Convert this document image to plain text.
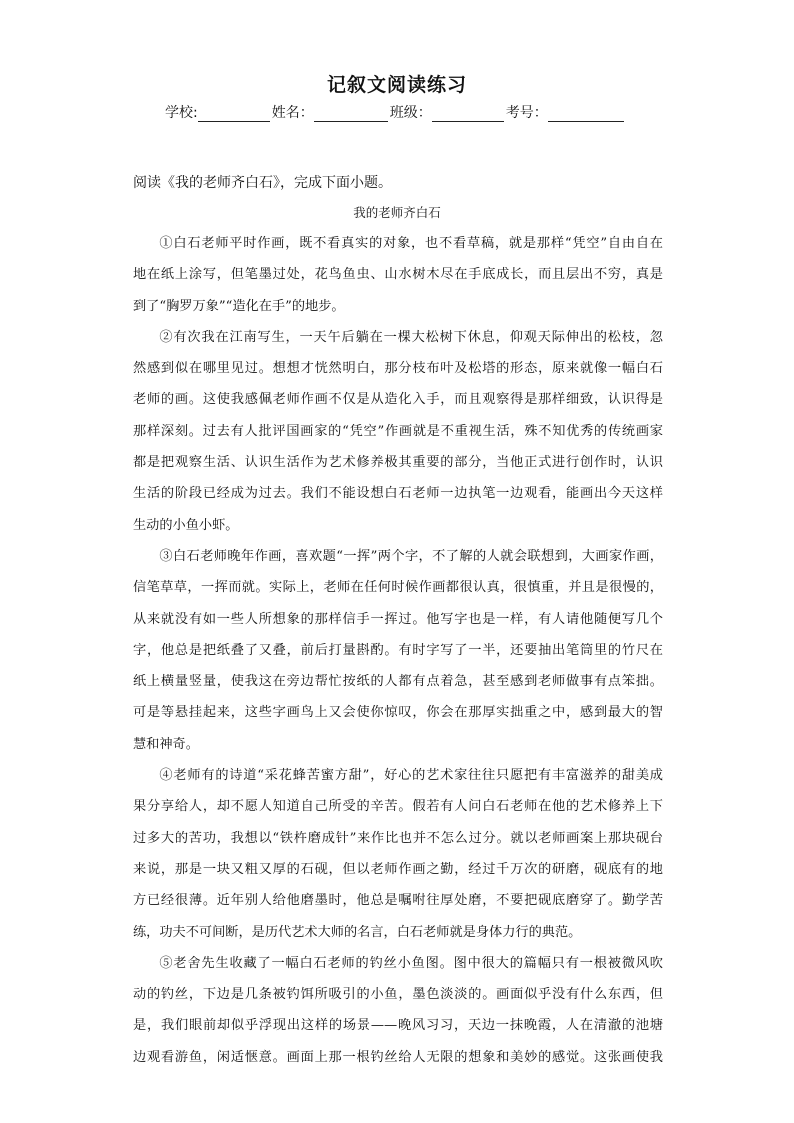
记叙文阅读练习
学校:	姓名：	班级：	考号：
阅读《我的老师齐白石》，完成下面小题。
我的老师齐白石
①白石老师平时作画，既不看真实的对象，也不看草稿，就是那样“凭空”自由自在
地在纸上涂写，但笔墨过处，花鸟鱼虫、山水树木尽在手底成长，而且层出不穷，真是
到了“胸罗万象”“造化在手”的地步。
②有次我在江南写生，一天午后躺在一棵大松树下休息，仰观天际伸出的松枝，忽
然感到似在哪里见过。想想才恍然明白，那分枝布叶及松塔的形态，原来就像一幅白石
老师的画。这使我感佩老师作画不仅是从造化入手，而且观察得是那样细致，认识得是
那样深刻。过去有人批评国画家的“凭空”作画就是不重视生活，殊不知优秀的传统画家
都是把观察生活、认识生活作为艺术修养极其重要的部分，当他正式进行创作时，认识
生活的阶段已经成为过去。我们不能设想白石老师一边执笔一边观看，能画出今天这样
生动的小鱼小虾。
③白石老师晚年作画，喜欢题“一挥”两个字，不了解的人就会联想到，大画家作画，
信笔草草，一挥而就。实际上，老师在任何时候作画都很认真，很慎重，并且是很慢的，
从来就没有如一些人所想象的那样信手一挥过。他写字也是一样，有人请他随便写几个
字，他总是把纸叠了又叠，前后打量斟酌。有时字写了一半，还要抽出笔筒里的竹尺在
纸上横量竖量，使我这在旁边帮忙按纸的人都有点着急，甚至感到老师做事有点笨拙。
可是等悬挂起来，这些字画鸟上又会使你惊叹，你会在那厚实拙重之中，感到最大的智
慧和神奇。
④老师有的诗道“采花蜂苦蜜方甜”，好心的艺术家往往只愿把有丰富滋养的甜美成
果分享给人，却不愿人知道自己所受的辛苦。假若有人问白石老师在他的艺术修养上下
过多大的苦功，我想以“铁杵磨成针”来作比也并不怎么过分。就以老师画案上那块砚台
来说，那是一块又粗又厚的石砚，但以老师作画之勤，经过千万次的研磨，砚底有的地
方已经很薄。近年别人给他磨墨时，他总是嘱咐往厚处磨，不要把砚底磨穿了。勤学苦
练，功夫不可间断，是历代艺术大师的名言，白石老师就是身体力行的典范。
⑤老舍先生收藏了一幅白石老师的钓丝小鱼图。图中很大的篇幅只有一根被微风吹
动的钓丝，下边是几条被钓饵所吸引的小鱼，墨色淡淡的。画面似乎没有什么东西，但
是，我们眼前却似乎浮现出这样的场景——晚风习习，天边一抹晚霞，人在清澈的池塘
边观看游鱼，闲适惬意。画面上那一根钓丝给人无限的想象和美妙的感觉。这张画使我
